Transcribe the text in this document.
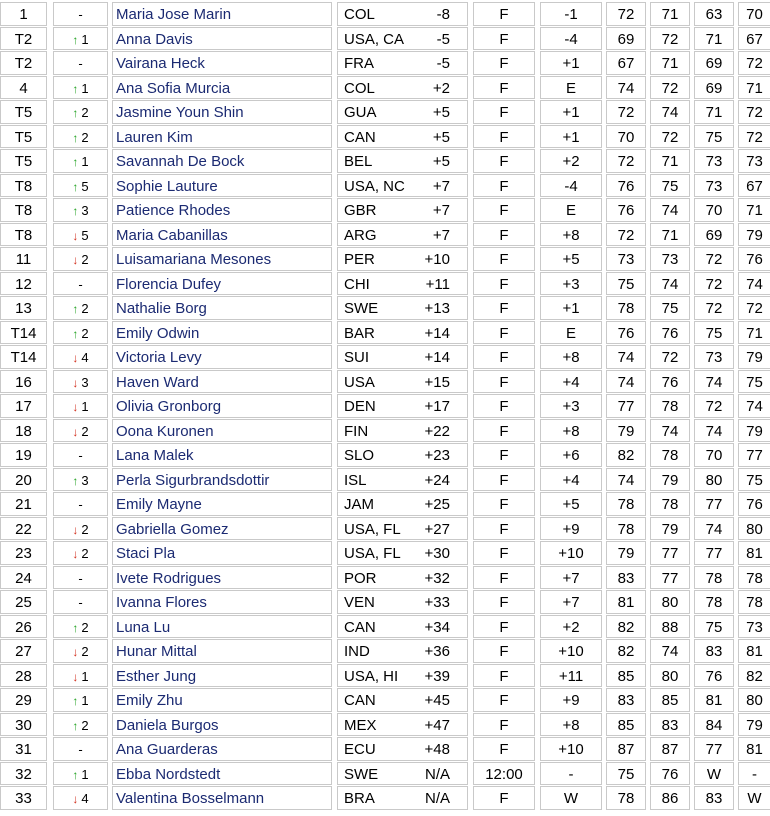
1	-	Maria Jose Marin	COL	-8	F	-1	72	71	63	70
T2	↑ 1	Anna Davis	USA, CA -5	F	-4	69	72	71	67
T2	-	Vairana Heck	FRA	-5	F	+1	67	71	69	72
4	↑ 1	Ana Sofia Murcia	COL	+2	F	E	74	72	69	71
T5	↑ 2	Jasmine Youn Shin	GUA	+5	F	+1	72	74	71	72
T5	↑ 2	Lauren Kim	CAN	+5	F	+1	70	72	75	72
T5	↑ 1	Savannah De Bock	BEL	+5	F	+2	72	71	73	73
T8	↑ 5	Sophie Lauture	USA, NC +7	F	-4	76	75	73	67
T8	↑ 3	Patience Rhodes	GBR	+7	F	E	76	74	70	71
T8	↓ 5	Maria Cabanillas	ARG	+7	F	+8	72	71	69	79
11	↓ 2	Luisamariana Mesones	PER	+10	F	+5	73	73	72	76
12	-	Florencia Dufey	CHI	+11	F	+3	75	74	72	74
13	↑ 2	Nathalie Borg	SWE	+13	F	+1	78	75	72	72
T14	↑ 2	Emily Odwin	BAR	+14	F	E	76	76	75	71
T14	↓ 4	Victoria Levy	SUI	+14	F	+8	74	72	73	79
16	↓ 3	Haven Ward	USA	+15	F	+4	74	76	74	75
17	↓ 1	Olivia Gronborg	DEN	+17	F	+3	77	78	72	74
18	↓ 2	Oona Kuronen	FIN	+22	F	+8	79	74	74	79
19	-	Lana Malek	SLO	+23	F	+6	82	78	70	77
20	↑ 3	Perla Sigurbrandsdottir	ISL	+24	F	+4	74	79	80	75
21	-	Emily Mayne	JAM	+25	F	+5	78	78	77	76
22	↓ 2	Gabriella Gomez	USA, FL +27	F	+9	78	79	74	80
23	↓ 2	Staci Pla	USA, FL +30	F	+10	79	77	77	81
24	-	Ivete Rodrigues	POR	+32	F	+7	83	77	78	78
25	-	Ivanna Flores	VEN	+33	F	+7	81	80	78	78
26	↑ 2	Luna Lu	CAN	+34	F	+2	82	88	75	73
27	↓ 2	Hunar Mittal	IND	+36	F	+10	82	74	83	81
28	↓ 1	Esther Jung	USA, HI +39	F	+11	85	80	76	82
29	↑ 1	Emily Zhu	CAN	+45	F	+9	83	85	81	80
30	↑ 2	Daniela Burgos	MEX	+47	F	+8	85	83	84	79
31	-	Ana Guarderas	ECU	+48	F	+10	87	87	77	81
32	↑ 1	Ebba Nordstedt	SWE	N/A	12:00	-	75	76	W	-
33	↓ 4	Valentina Bosselmann	BRA	N/A	F	W	78	86	83	W
